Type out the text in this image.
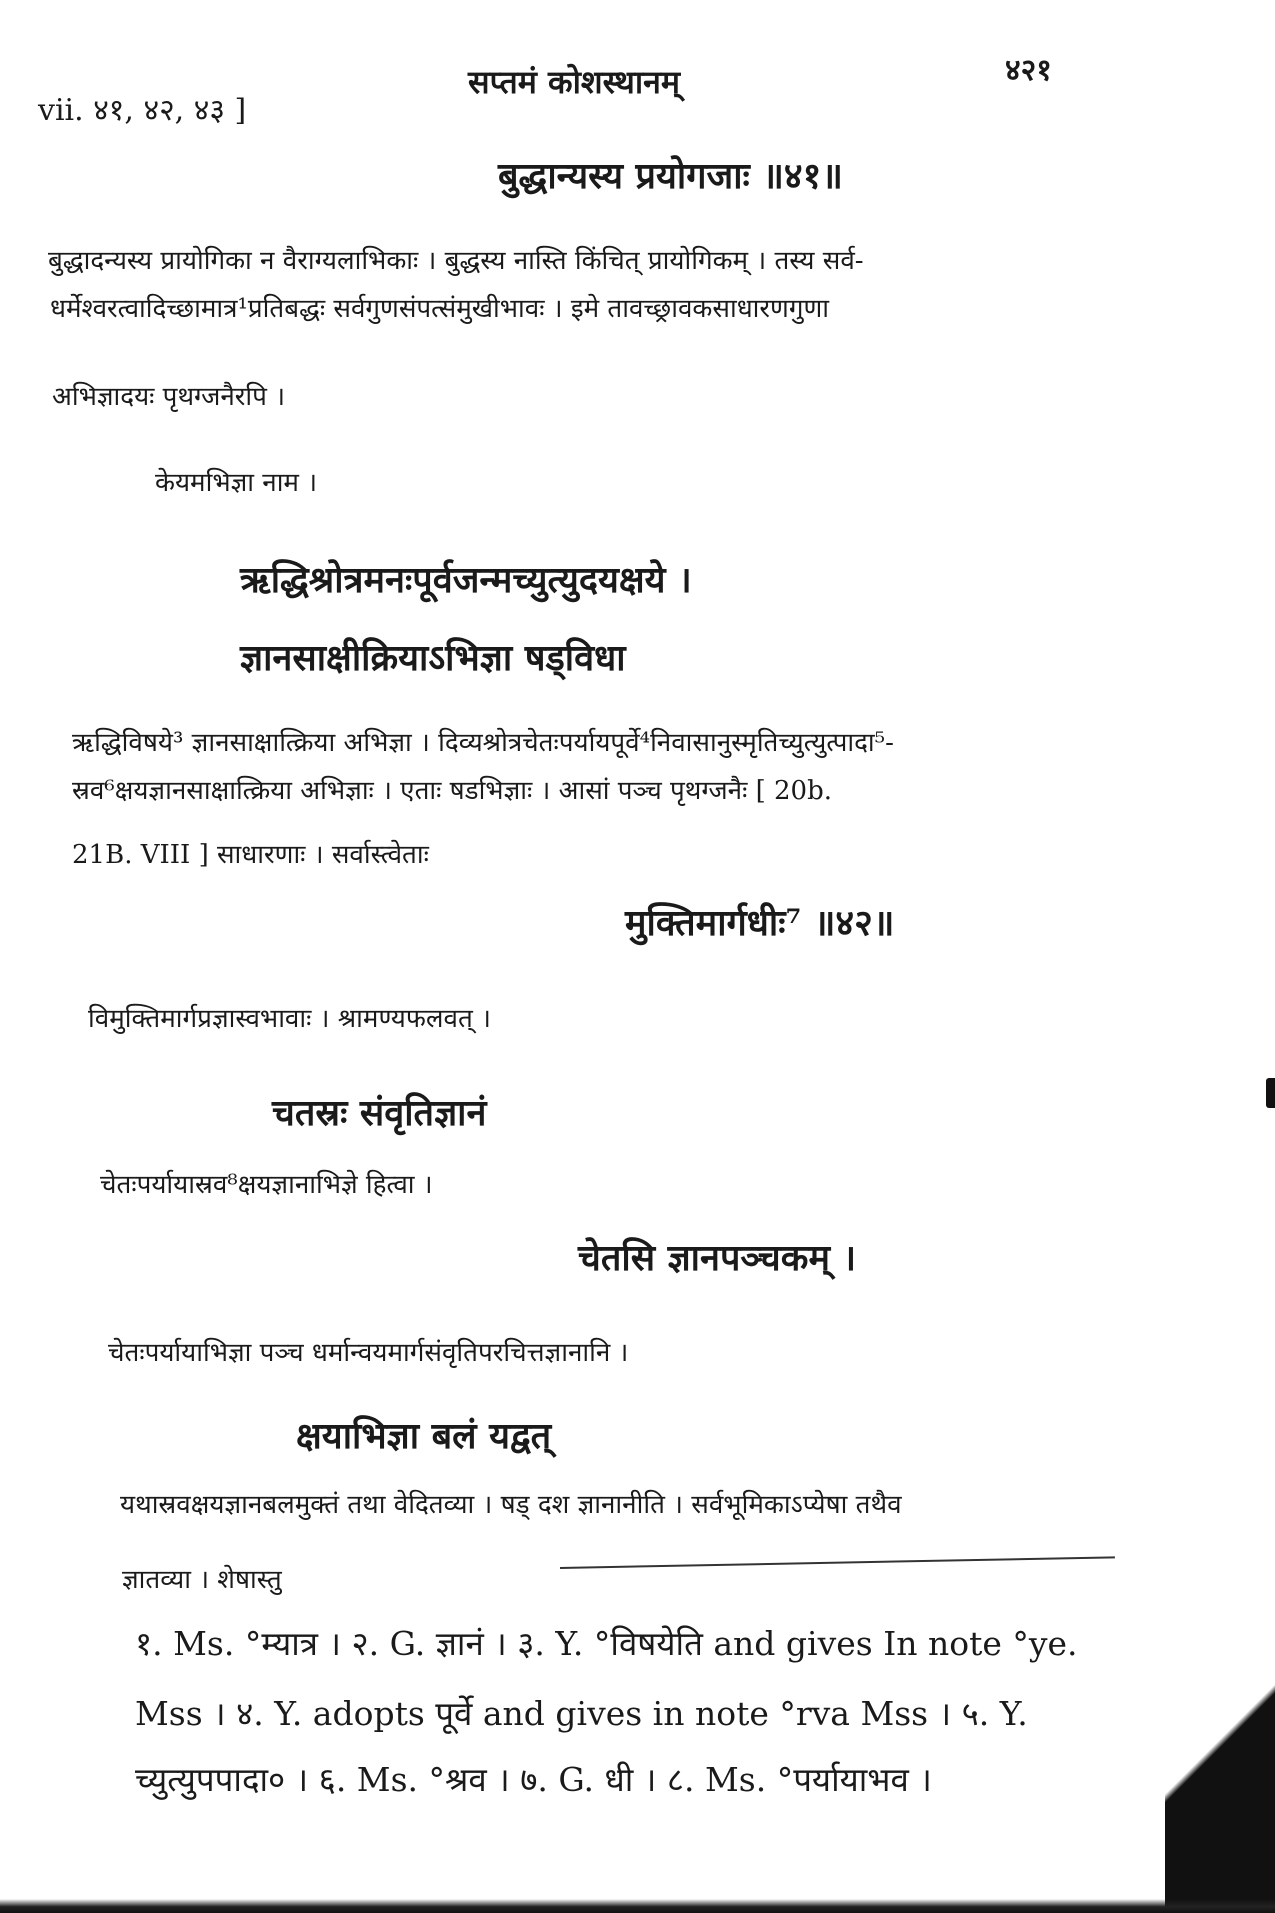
vii. ४१, ४२, ४३ ]
सप्तमं कोशस्थानम्	४२१
बुद्धान्यस्य प्रयोगजाः ॥४१॥
बुद्धादन्यस्य प्रायोगिका न वैराग्यलाभिकाः । बुद्धस्य नास्ति किंचित् प्रायोगिकम् । तस्य सर्व-
धर्मेश्वरत्वादिच्छामात्र¹प्रतिबद्धः सर्वगुणसंपत्संमुखीभावः । इमे तावच्छ्रावकसाधारणगुणा
अभिज्ञादयः पृथग्जनैरपि ।
केयमभिज्ञा नाम ।
ऋद्धिश्रोत्रमनःपूर्वजन्मच्युत्युदयक्षये ।
ज्ञानसाक्षीक्रियाऽभिज्ञा षड्विधा
ऋद्धिविषये³ ज्ञानसाक्षात्क्रिया अभिज्ञा । दिव्यश्रोत्रचेतःपर्यायपूर्वे⁴निवासानुस्मृतिच्युत्युत्पादा⁵-
स्रव⁶क्षयज्ञानसाक्षात्क्रिया अभिज्ञाः । एताः षडभिज्ञाः । आसां पञ्च पृथग्जनैः [ 20b.
21B. VIII ] साधारणाः । सर्वास्त्वेताः
मुक्तिमार्गधीः⁷ ॥४२॥
विमुक्तिमार्गप्रज्ञास्वभावाः । श्रामण्यफलवत् ।
चतस्रः संवृतिज्ञानं
चेतःपर्यायास्रव⁸क्षयज्ञानाभिज्ञे हित्वा ।
चेतसि ज्ञानपञ्चकम् ।
चेतःपर्यायाभिज्ञा पञ्च धर्मान्वयमार्गसंवृतिपरचित्तज्ञानानि ।
क्षयाभिज्ञा बलं यद्वत्
यथास्रवक्षयज्ञानबलमुक्तं तथा वेदितव्या । षड् दश ज्ञानानीति । सर्वभूमिकाऽप्येषा तथैव
ज्ञातव्या । शेषास्तु
१. Ms. °म्यात्र । २. G. ज्ञानं । ३. Y. °विषयेति and gives In note °ye.
Mss । ४. Y. adopts पूर्वे and gives in note °rva Mss । ५. Y.
च्युत्युपपादा० । ६. Ms. °श्रव । ७. G. धी । ८. Ms. °पर्यायाभव ।
